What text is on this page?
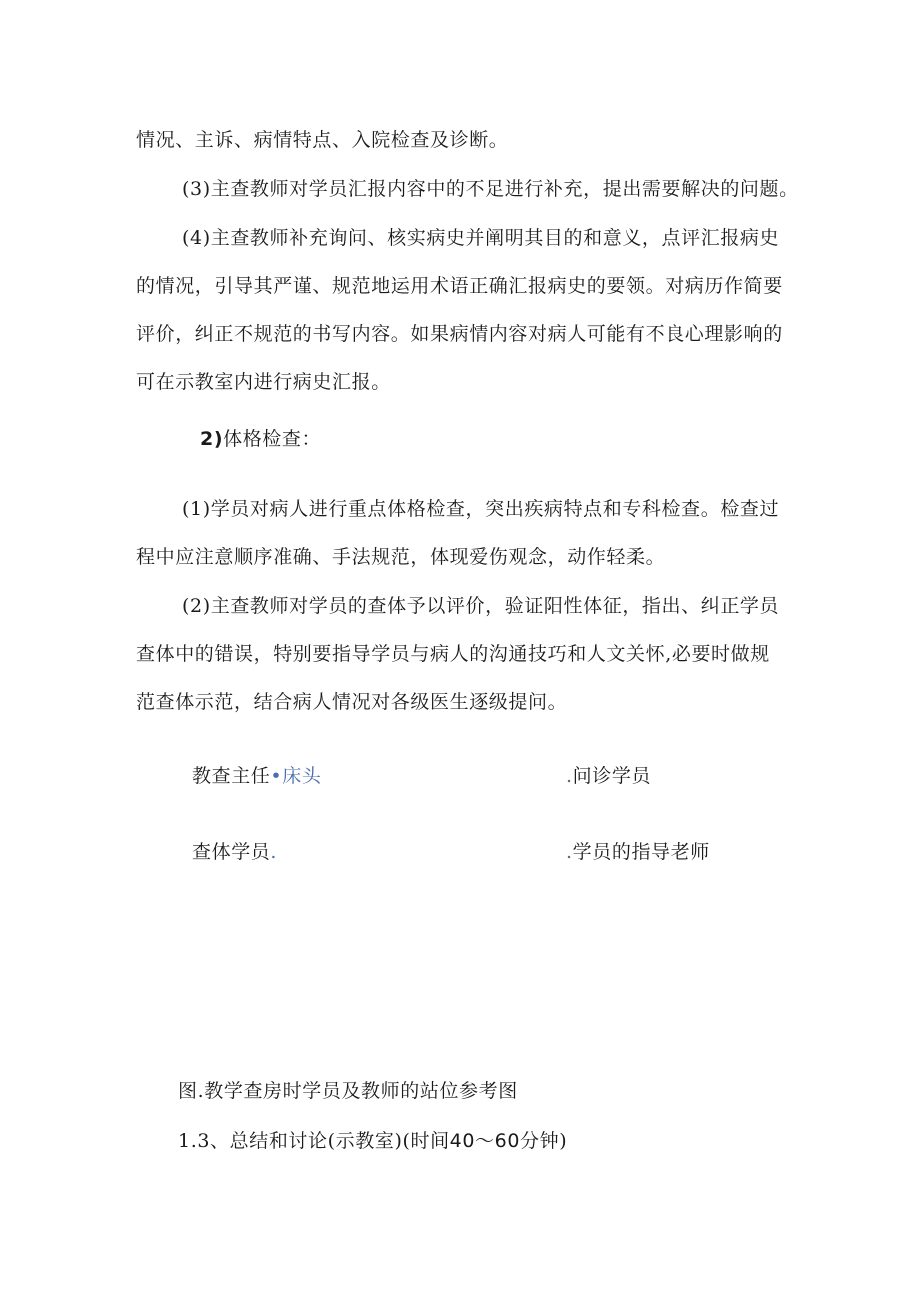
情况、主诉、病情特点、入院检查及诊断。
(3)主查教师对学员汇报内容中的不足进行补充，提出需要解决的问题。
(4)主查教师补充询问、核实病史并阐明其目的和意义，点评汇报病史
的情况，引导其严谨、规范地运用术语正确汇报病史的要领。对病历作简要
评价，纠正不规范的书写内容。如果病情内容对病人可能有不良心理影响的
可在示教室内进行病史汇报。
2)体格检查：
(1)学员对病人进行重点体格检查，突出疾病特点和专科检查。检查过
程中应注意顺序准确、手法规范，体现爱伤观念，动作轻柔。
(2)主查教师对学员的查体予以评价，验证阳性体征，指出、纠正学员
查体中的错误，特别要指导学员与病人的沟通技巧和人文关怀,必要时做规
范查体示范，结合病人情况对各级医生逐级提问。
教查主任•床头	.问诊学员
查体学员.	.学员的指导老师
图.教学查房时学员及教师的站位参考图
1.3、总结和讨论(示教室)(时间40～60分钟)
